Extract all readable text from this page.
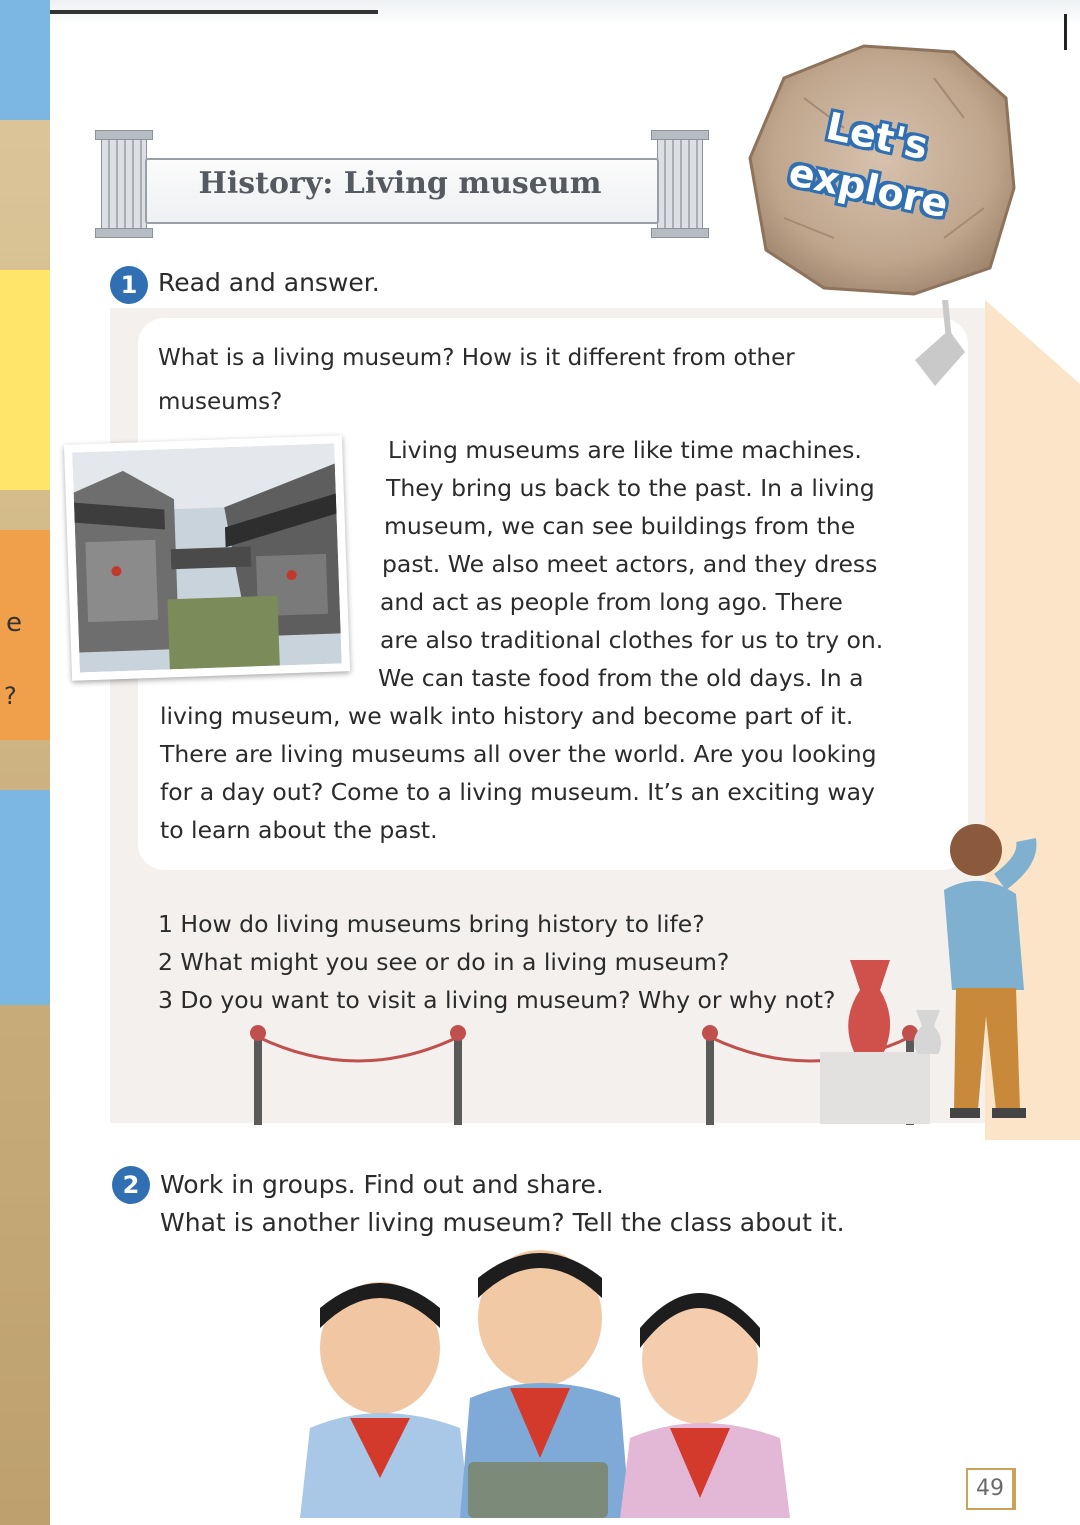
e
?
History: Living museum
Let's
explore
1 Read and answer.
What is a living museum? How is it different from other
museums?
Living museums are like time machines.
They bring us back to the past. In a living
museum, we can see buildings from the
past. We also meet actors, and they dress
and act as people from long ago. There
are also traditional clothes for us to try on.
We can taste food from the old days. In a
living museum, we walk into history and become part of it.
There are living museums all over the world. Are you looking
for a day out? Come to a living museum. It’s an exciting way
to learn about the past.
1 How do living museums bring history to life?
2 What might you see or do in a living museum?
3 Do you want to visit a living museum? Why or why not?
2 Work in groups. Find out and share.
What is another living museum? Tell the class about it.
49
